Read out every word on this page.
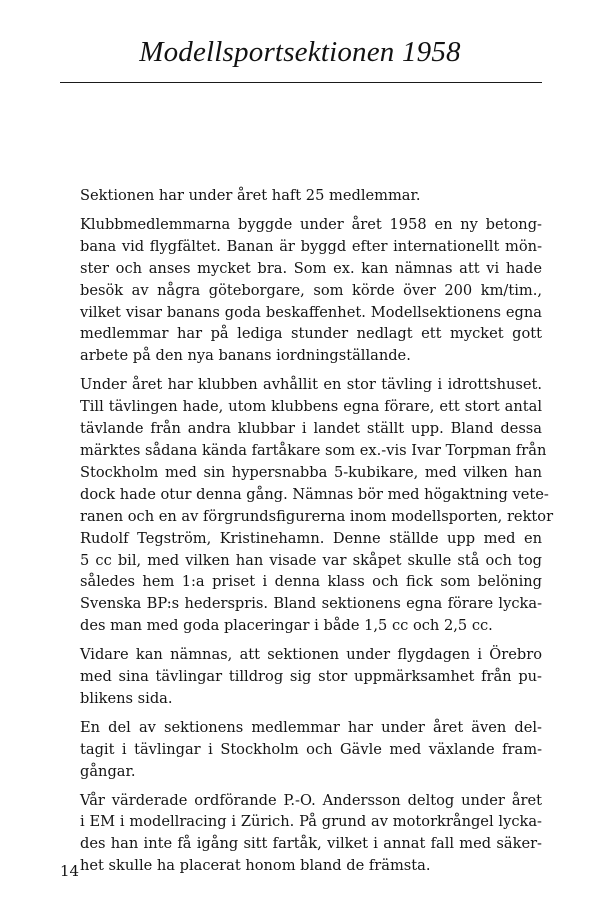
Modellsportsektionen 1958

Sektionen har under året haft 25 medlemmar.

Klubbmedlemmarna byggde under året 1958 en ny betong-
bana vid flygfältet. Banan är byggd efter internationellt mön-
ster och anses mycket bra. Som ex. kan nämnas att vi hade
besök av några göteborgare, som körde över 200 km/tim.,
vilket visar banans goda beskaffenhet. Modellsektionens egna
medlemmar har på lediga stunder nedlagt ett mycket gott
arbete på den nya banans iordningställande.

Under året har klubben avhållit en stor tävling i idrottshuset.
Till tävlingen hade, utom klubbens egna förare, ett stort antal
tävlande från andra klubbar i landet ställt upp. Bland dessa
märktes sådana kända fartåkare som ex.-vis Ivar Torpman från
Stockholm med sin hypersnabba 5-kubikare, med vilken han
dock hade otur denna gång. Nämnas bör med högaktning vete-
ranen och en av förgrundsfigurerna inom modellsporten, rektor
Rudolf Tegström, Kristinehamn. Denne ställde upp med en
5 cc bil, med vilken han visade var skåpet skulle stå och tog
således hem 1:a priset i denna klass och fick som belöning
Svenska BP:s hederspris. Bland sektionens egna förare lycka-
des man med goda placeringar i både 1,5 cc och 2,5 cc.

Vidare kan nämnas, att sektionen under flygdagen i Örebro
med sina tävlingar tilldrog sig stor uppmärksamhet från pu-
blikens sida.

En del av sektionens medlemmar har under året även del-
tagit i tävlingar i Stockholm och Gävle med växlande fram-
gångar.

Vår värderade ordförande P.-O. Andersson deltog under året
i EM i modellracing i Zürich. På grund av motorkrångel lycka-
des han inte få igång sitt fartåk, vilket i annat fall med säker-
het skulle ha placerat honom bland de främsta.

14
